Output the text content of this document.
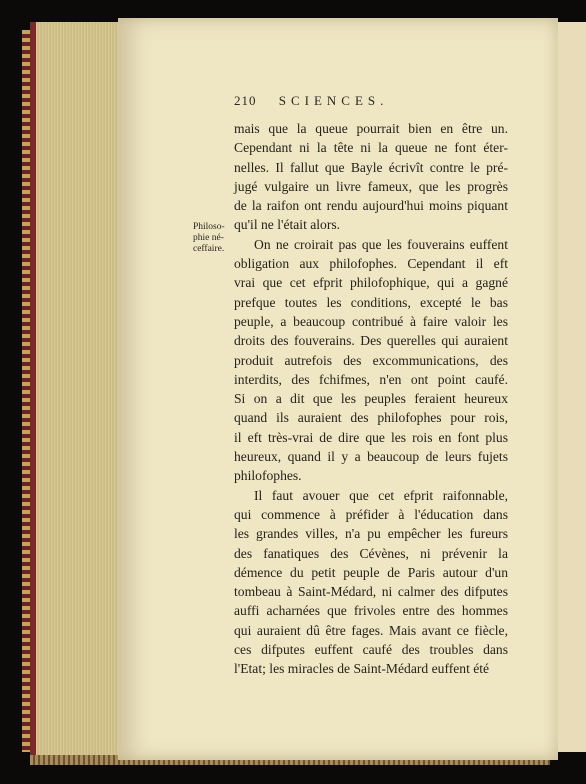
210 SCIENCES.
Philoso-
phie né-
ceffaire.

mais que la queue pourrait bien en être un.
Cependant ni la tête ni la queue ne font éter-
nelles. Il fallut que Bayle écrivît contre le pré-
jugé vulgaire un livre fameux, que les progrès
de la raifon ont rendu aujourd'hui moins piquant
qu'il ne l'était alors.

On ne croirait pas que les fouverains euffent
obligation aux philofophes. Cependant il eft
vrai que cet efprit philofophique, qui a gagné
prefque toutes les conditions, excepté le bas
peuple, a beaucoup contribué à faire valoir les
droits des fouverains. Des querelles qui auraient
produit autrefois des excommunications, des
interdits, des fchifmes, n'en ont point caufé.
Si on a dit que les peuples feraient heureux
quand ils auraient des philofophes pour rois,
il eft très-vrai de dire que les rois en font plus
heureux, quand il y a beaucoup de leurs fujets
philofophes.

Il faut avouer que cet efprit raifonnable,
qui commence à préfider à l'éducation dans
les grandes villes, n'a pu empêcher les fureurs
des fanatiques des Cévènes, ni prévenir la
démence du petit peuple de Paris autour d'un
tombeau à Saint-Médard, ni calmer des difputes
auffi acharnées que frivoles entre des hommes
qui auraient dû être fages. Mais avant ce fiècle,
ces difputes euffent caufé des troubles dans
l'Etat; les miracles de Saint-Médard euffent été
